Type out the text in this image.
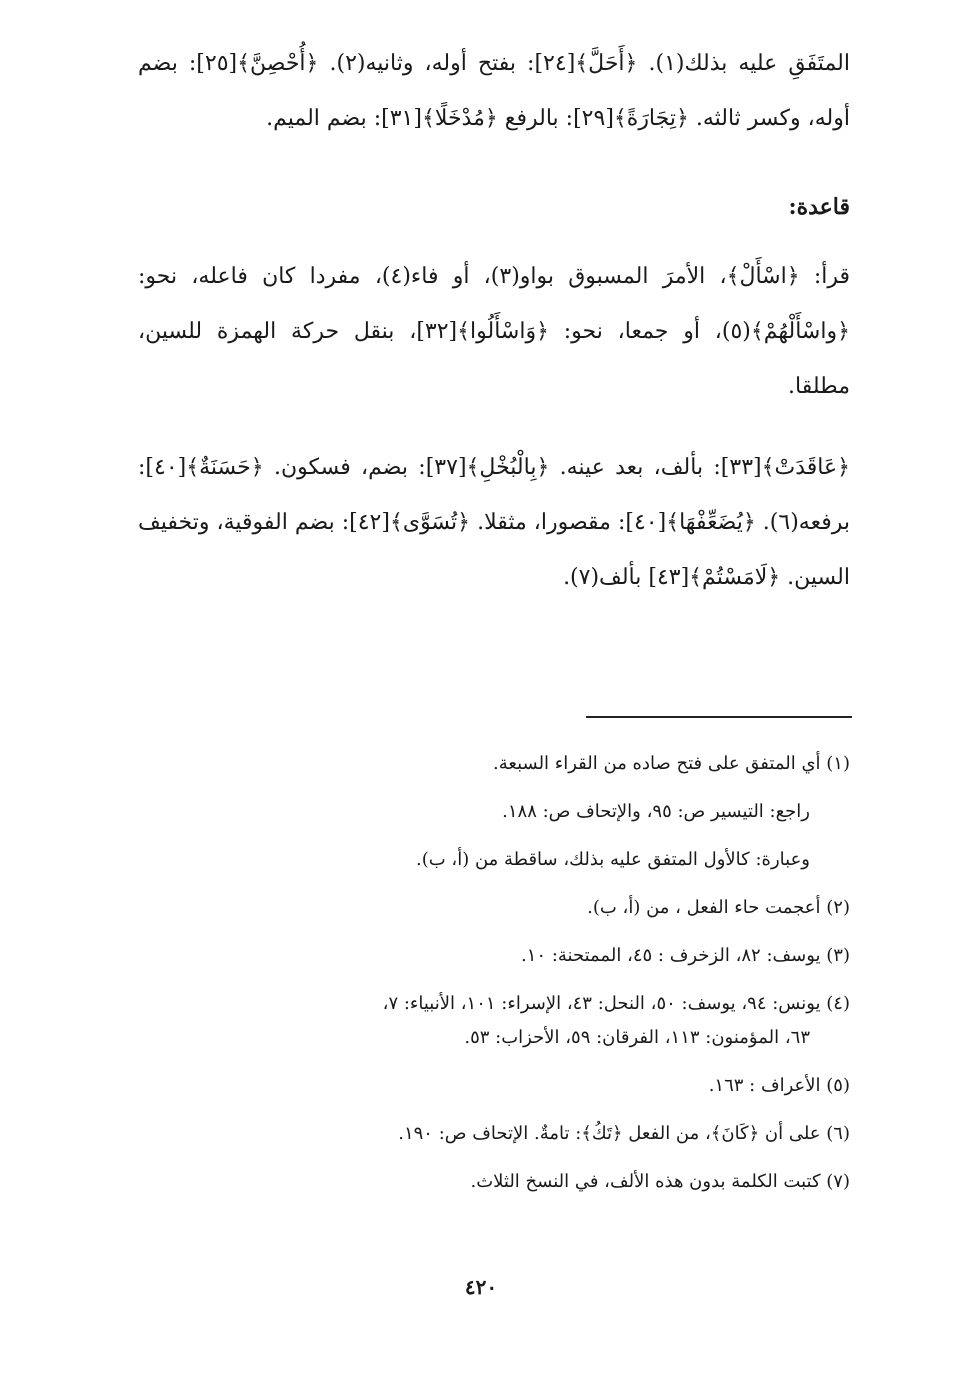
المتَفَقِ عليه بذلك(١). ﴿أَحَلَّ﴾[٢٤]: بفتح أوله، وثانيه(٢). ﴿أُحْصِنَّ﴾[٢٥]: بضم أوله، وكسر ثالثه. ﴿تِجَارَةً﴾[٢٩]: بالرفع ﴿مُدْخَلًا﴾[٣١]: بضم الميم.

قاعدة:

قرأ: ﴿اسْأَلْ﴾، الأمرَ المسبوق بواو(٣)، أو فاء(٤)، مفردا كان فاعله، نحو: ﴿واسْأَلْهُمْ﴾(٥)، أو جمعا، نحو: ﴿وَاسْأَلُوا﴾[٣٢]، بنقل حركة الهمزة للسين، مطلقا.

﴿عَاقَدَتْ﴾[٣٣]: بألف، بعد عينه. ﴿بِالْبُخْلِ﴾[٣٧]: بضم، فسكون. ﴿حَسَنَةٌ﴾[٤٠]: برفعه(٦). ﴿يُضَعِّفْهَا﴾[٤٠]: مقصورا، مثقلا. ﴿تُسَوَّى﴾[٤٢]: بضم الفوقية، وتخفيف السين. ﴿لَامَسْتُمْ﴾[٤٣] بألف(٧).

(١) أي المتفق على فتح صاده من القراء السبعة.

راجع: التيسير ص: ٩٥، والإتحاف ص: ١٨٨.

وعبارة: كالأول المتفق عليه بذلك، ساقطة من (أ، ب).

(٢) أعجمت حاء الفعل ، من (أ، ب).

(٣) يوسف: ٨٢، الزخرف : ٤٥، الممتحنة: ١٠.

(٤) يونس: ٩٤، يوسف: ٥٠، النحل: ٤٣، الإسراء: ١٠١، الأنبياء: ٧،

٦٣، المؤمنون: ١١٣، الفرقان: ٥٩، الأحزاب: ٥٣.

(٥) الأعراف : ١٦٣.

(٦) على أن ﴿كَانَ﴾، من الفعل ﴿تَكُ﴾: تامةٌ. الإتحاف ص: ١٩٠.

(٧) كتبت الكلمة بدون هذه الألف، في النسخ الثلاث.

٤٢٠
